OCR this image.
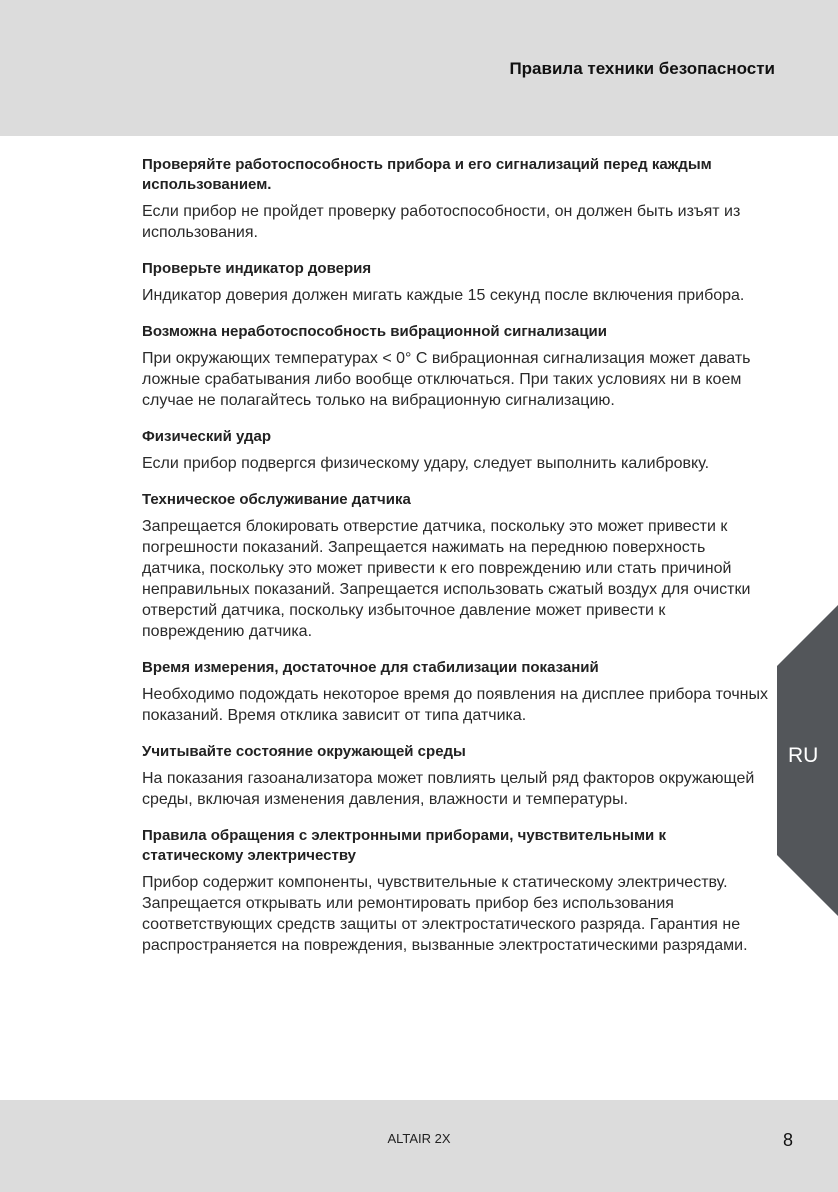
Правила техники безопасности
Проверяйте работоспособность прибора и его сигнализаций перед каждым использованием.

Если прибор не пройдет проверку работоспособности, он должен быть изъят из использования.

Проверьте индикатор доверия

Индикатор доверия должен мигать каждые 15 секунд после включения прибора.

Возможна неработоспособность вибрационной сигнализации

При окружающих температурах < 0° C вибрационная сигнализация может давать ложные срабатывания либо вообще отключаться. При таких условиях ни в коем случае не полагайтесь только на вибрационную сигнализацию.

Физический удар

Если прибор подвергся физическому удару, следует выполнить калибровку.

Техническое обслуживание датчика

Запрещается блокировать отверстие датчика, поскольку это может привести к погрешности показаний. Запрещается нажимать на переднюю поверхность датчика, поскольку это может привести к его повреждению или стать причиной неправильных показаний. Запрещается использовать сжатый воздух для очистки отверстий датчика, поскольку избыточное давление может привести к повреждению датчика.

Время измерения, достаточное для стабилизации показаний

Необходимо подождать некоторое время до появления на дисплее прибора точных показаний. Время отклика зависит от типа датчика.

Учитывайте состояние окружающей среды

На показания газоанализатора может повлиять целый ряд факторов окружающей среды, включая изменения давления, влажности и температуры.

Правила обращения с электронными приборами, чувствительными к статическому электричеству

Прибор содержит компоненты, чувствительные к статическому электричеству. Запрещается открывать или ремонтировать прибор без использования соответствующих средств защиты от электростатического разряда. Гарантия не распространяется на повреждения, вызванные электростатическими разрядами.

RU
ALTAIR 2X	8
